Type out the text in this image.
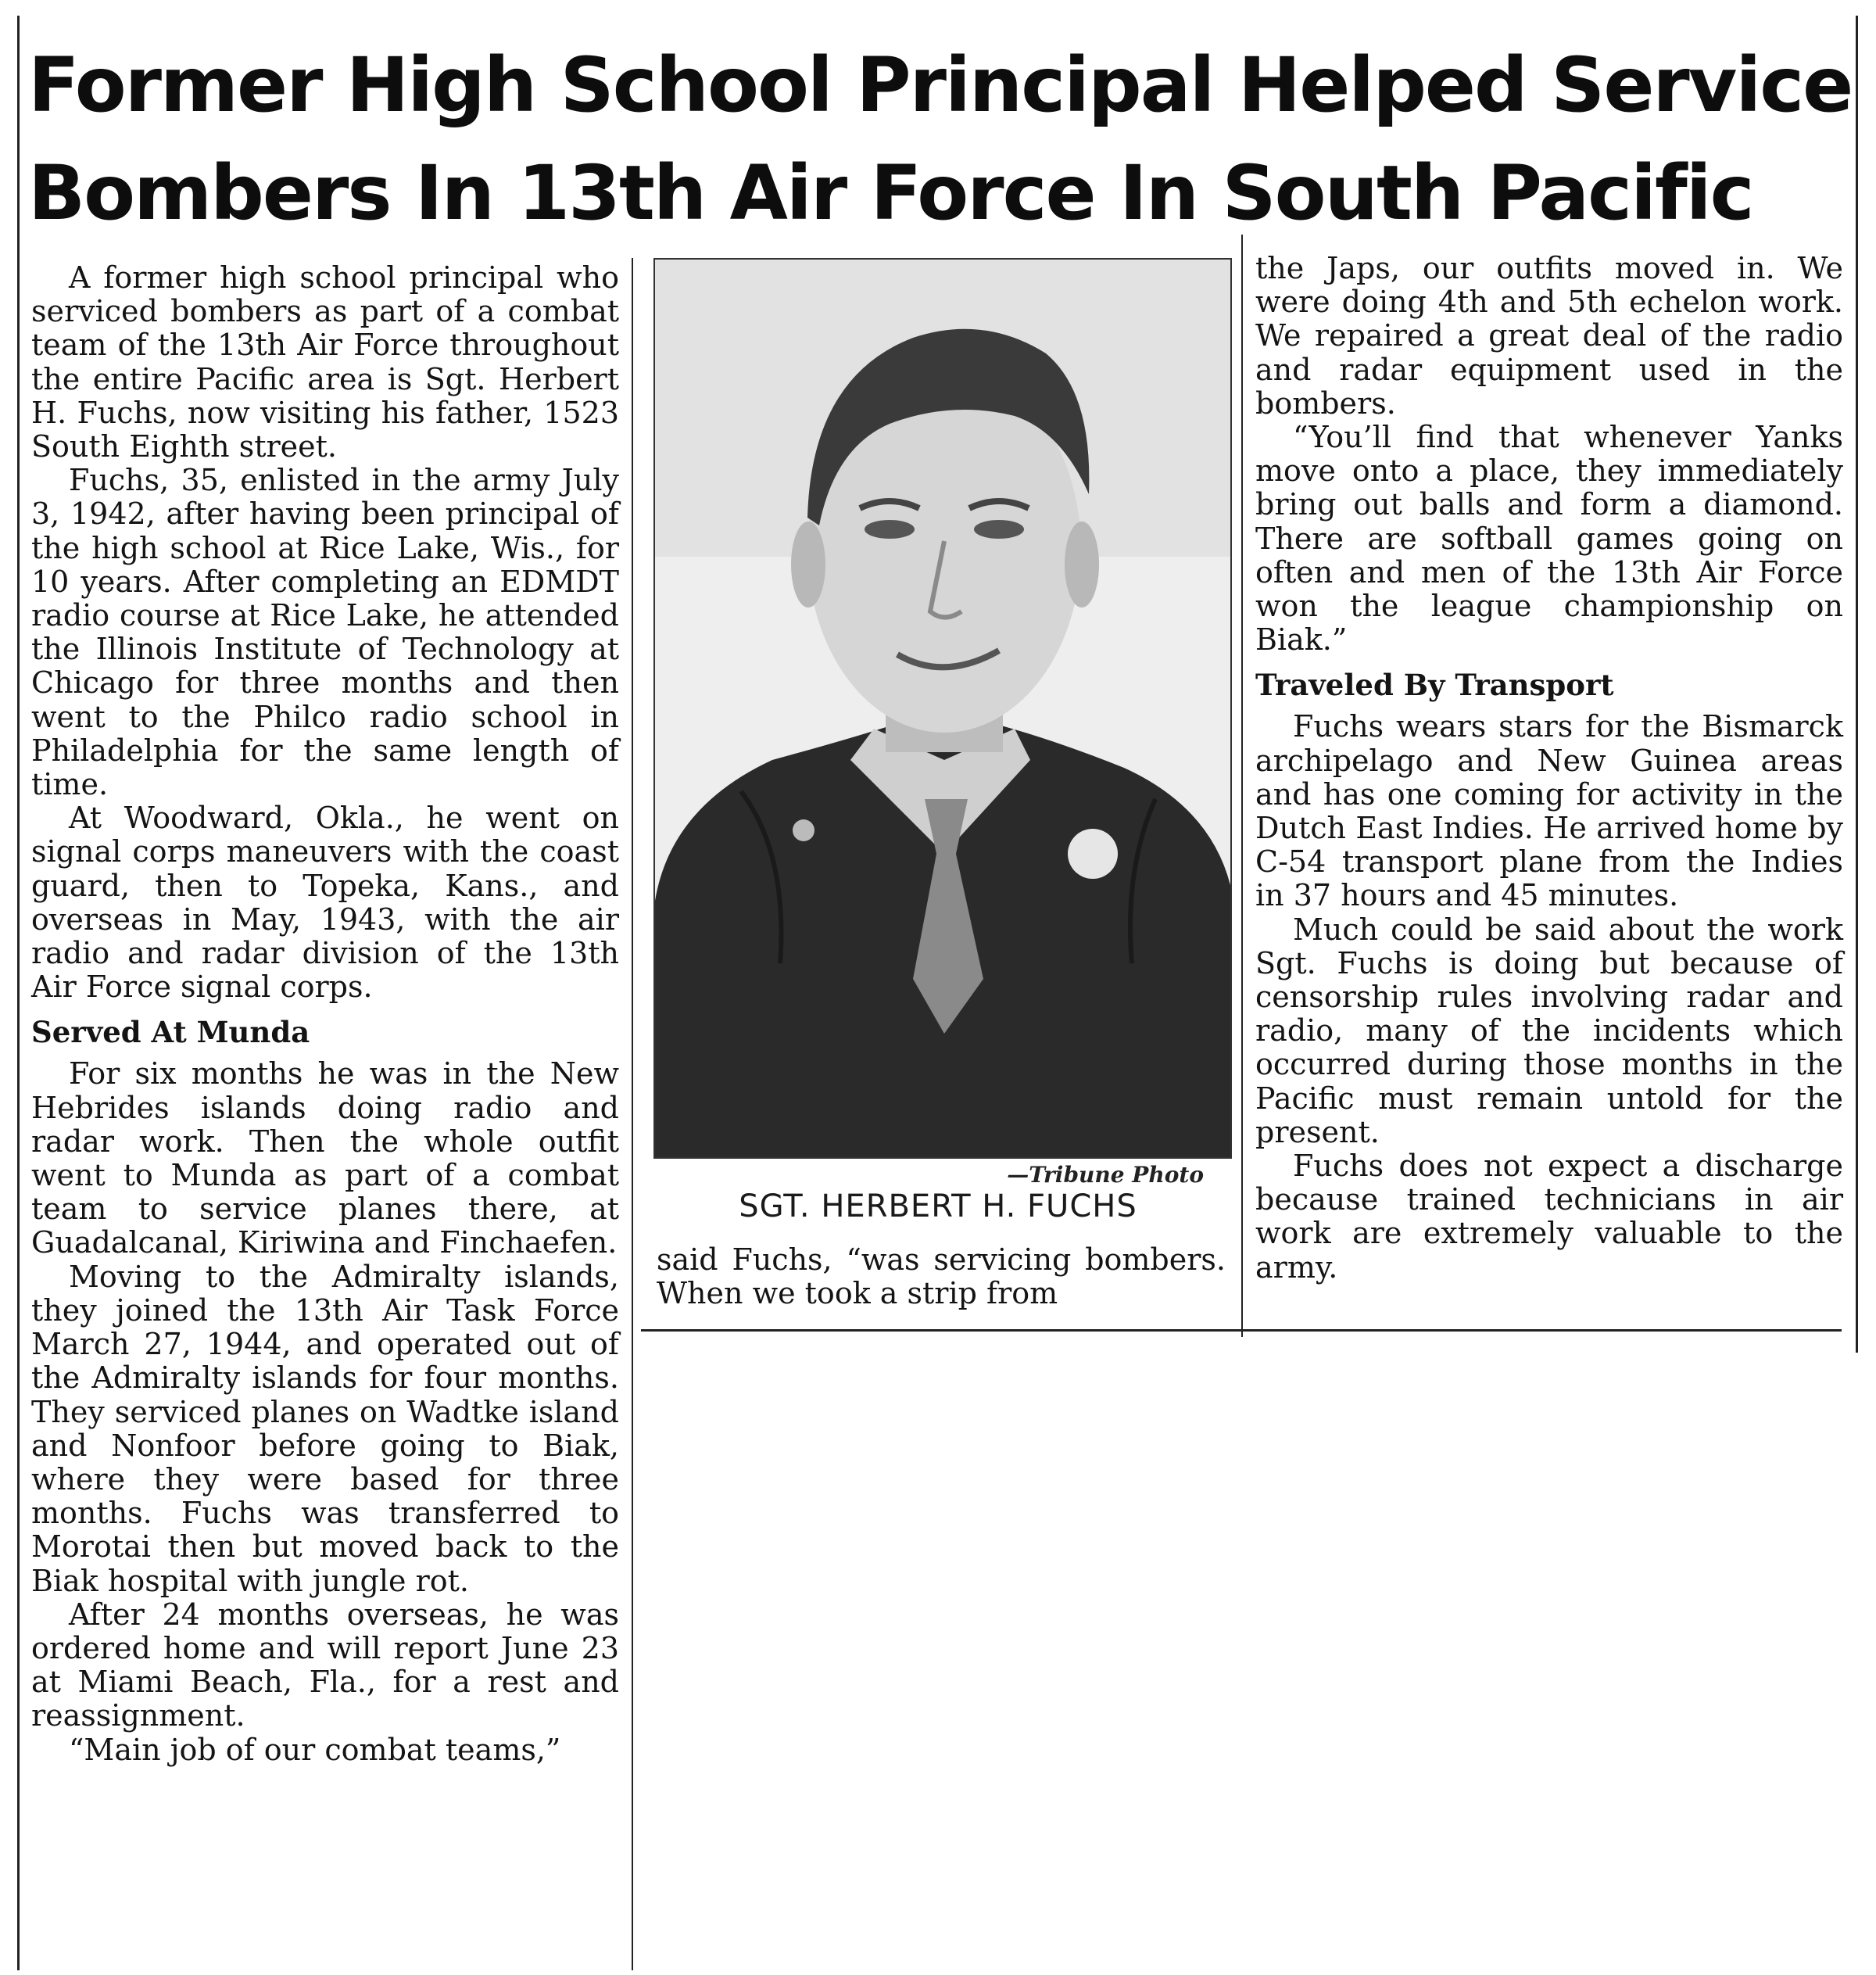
Former High School Principal Helped Service
Bombers In 13th Air Force In South Pacific

A former high school principal who serviced bombers as part of a combat team of the 13th Air Force throughout the entire Pacific area is Sgt. Herbert H. Fuchs, now visiting his father, 1523 South Eighth street.

Fuchs, 35, enlisted in the army July 3, 1942, after having been principal of the high school at Rice Lake, Wis., for 10 years. After completing an EDMDT radio course at Rice Lake, he attended the Illinois Institute of Technology at Chicago for three months and then went to the Philco radio school in Philadelphia for the same length of time.

At Woodward, Okla., he went on signal corps maneuvers with the coast guard, then to Topeka, Kans., and overseas in May, 1943, with the air radio and radar division of the 13th Air Force signal corps.

Served At Munda

For six months he was in the New Hebrides islands doing radio and radar work. Then the whole outfit went to Munda as part of a combat team to service planes there, at Guadalcanal, Kiriwina and Finchaefen.

Moving to the Admiralty islands, they joined the 13th Air Task Force March 27, 1944, and operated out of the Admiralty islands for four months. They serviced planes on Wadtke island and Nonfoor before going to Biak, where they were based for three months. Fuchs was transferred to Morotai then but moved back to the Biak hospital with jungle rot.

After 24 months overseas, he was ordered home and will report June 23 at Miami Beach, Fla., for a rest and reassignment.

“Main job of our combat teams,”

—Tribune Photo
SGT. HERBERT H. FUCHS

said Fuchs, “was servicing bombers. When we took a strip from

the Japs, our outfits moved in. We were doing 4th and 5th echelon work. We repaired a great deal of the radio and radar equipment used in the bombers.

“You’ll find that whenever Yanks move onto a place, they immediately bring out balls and form a diamond. There are softball games going on often and men of the 13th Air Force won the league championship on Biak.”

Traveled By Transport

Fuchs wears stars for the Bismarck archipelago and New Guinea areas and has one coming for activity in the Dutch East Indies. He arrived home by C-54 transport plane from the Indies in 37 hours and 45 minutes.

Much could be said about the work Sgt. Fuchs is doing but because of censorship rules involving radar and radio, many of the incidents which occurred during those months in the Pacific must remain untold for the present.

Fuchs does not expect a discharge because trained technicians in air work are extremely valuable to the army.
